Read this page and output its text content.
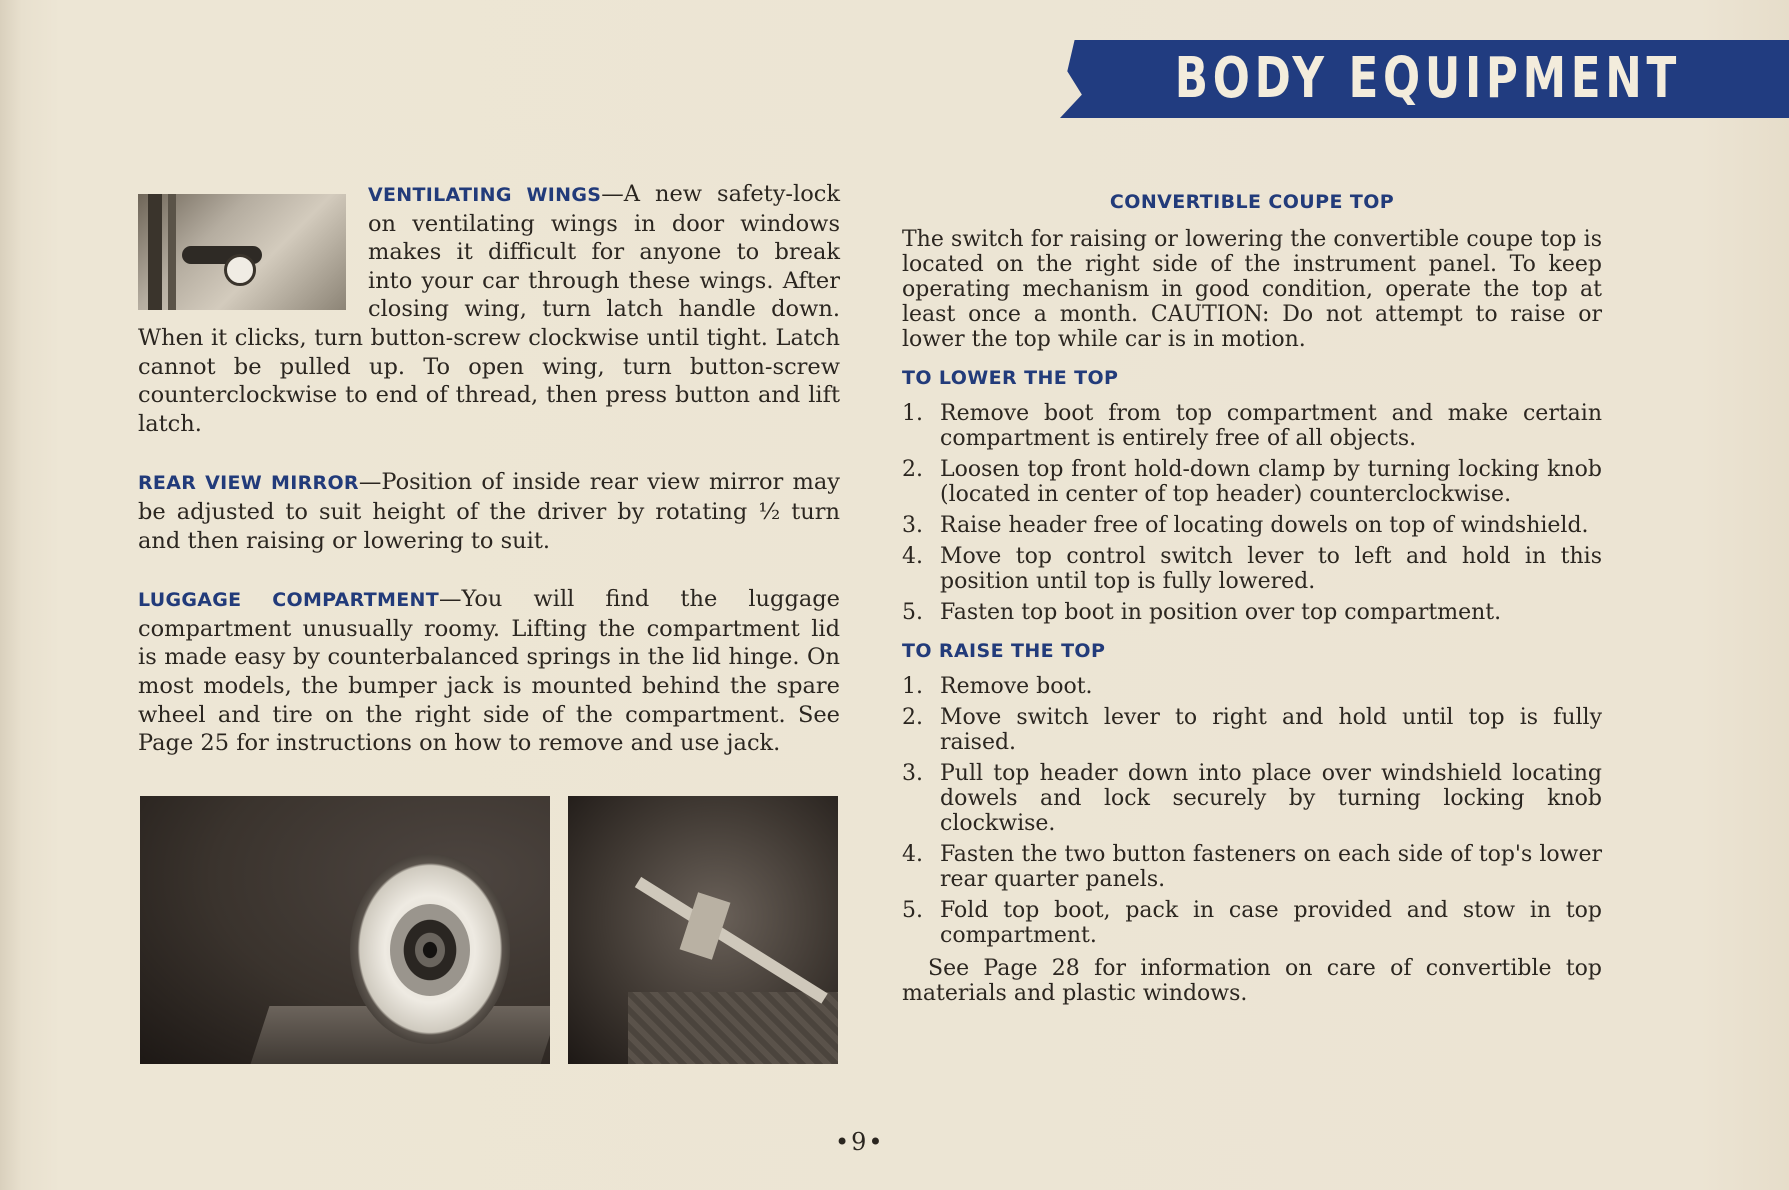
BODY EQUIPMENT
VENTILATING WINGS—A new safety-lock on ventilating wings in door windows makes it difficult for anyone to break into your car through these wings. After closing wing, turn latch handle down. When it clicks, turn button-screw clockwise until tight. Latch cannot be pulled up. To open wing, turn button-screw counterclockwise to end of thread, then press button and lift latch.
REAR VIEW MIRROR—Position of inside rear view mirror may be adjusted to suit height of the driver by rotating ½ turn and then raising or lowering to suit.
LUGGAGE COMPARTMENT—You will find the luggage compartment unusually roomy. Lifting the compartment lid is made easy by counterbalanced springs in the lid hinge. On most models, the bumper jack is mounted behind the spare wheel and tire on the right side of the compartment. See Page 25 for instructions on how to remove and use jack.
CONVERTIBLE COUPE TOP

The switch for raising or lowering the convertible coupe top is located on the right side of the instrument panel. To keep operating mechanism in good condition, operate the top at least once a month. CAUTION: Do not attempt to raise or lower the top while car is in motion.

TO LOWER THE TOP
1. Remove boot from top compartment and make certain compartment is entirely free of all objects.
2. Loosen top front hold-down clamp by turning locking knob (located in center of top header) counterclockwise.
3. Raise header free of locating dowels on top of windshield.
4. Move top control switch lever to left and hold in this position until top is fully lowered.
5. Fasten top boot in position over top compartment.
TO RAISE THE TOP
1. Remove boot.
2. Move switch lever to right and hold until top is fully raised.
3. Pull top header down into place over windshield locating dowels and lock securely by turning locking knob clockwise.
4. Fasten the two button fasteners on each side of top's lower rear quarter panels.
5. Fold top boot, pack in case provided and stow in top compartment.

See Page 28 for information on care of convertible top materials and plastic windows.

•9•
